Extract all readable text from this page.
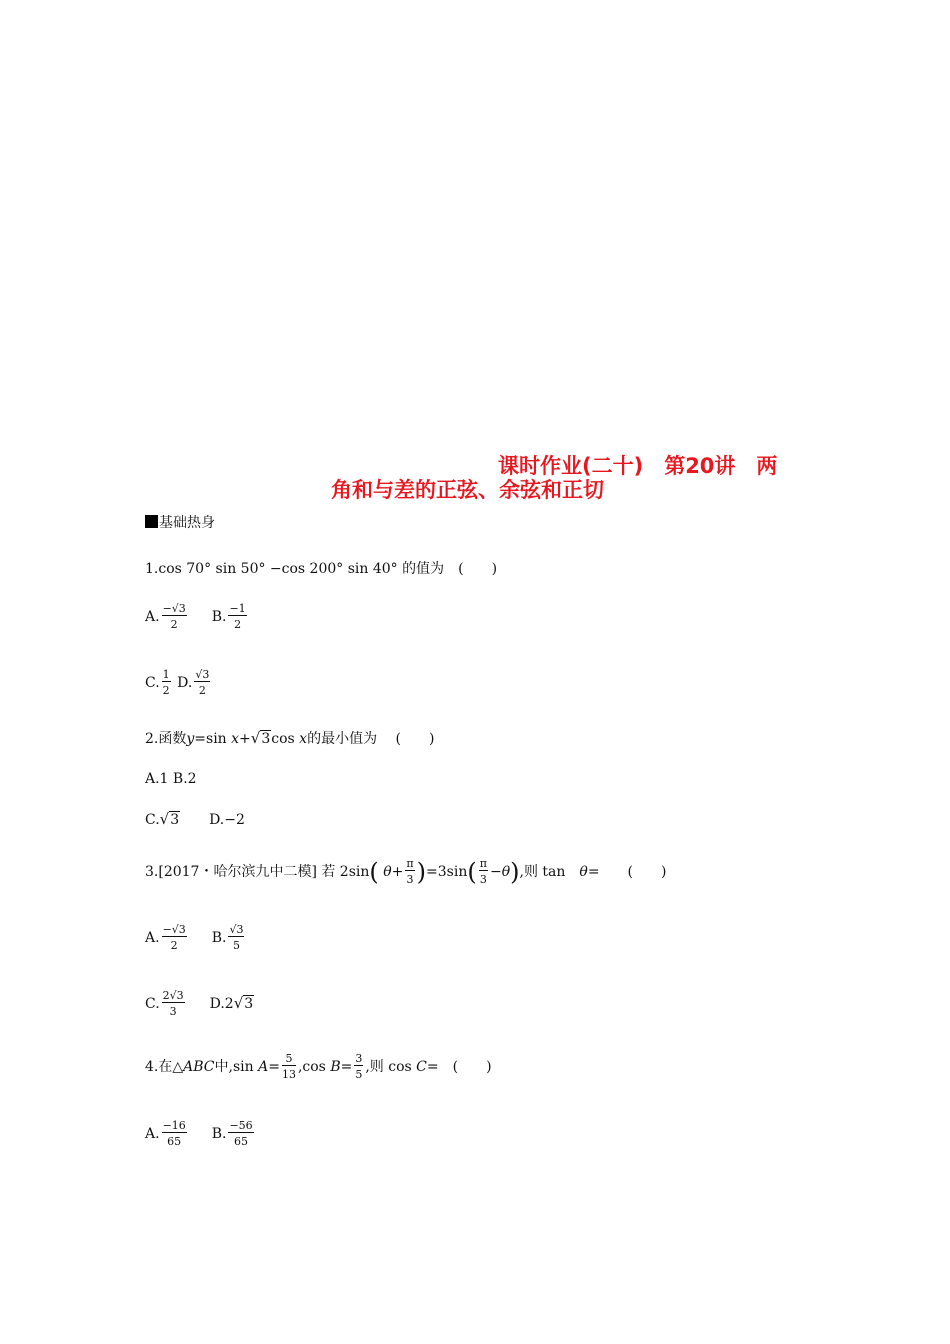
课时作业(二十)　第20讲　两
角和与差的正弦、余弦和正切
基础热身
1.cos 70° sin 50° −cos 200° sin 40° 的值为　(　　)
A. $\frac{-√3}{2} B$. $\frac{-1}{2}$
C. $\frac{1}{2} D$. $\frac{√3}{2}$
2.函数y=sin x+√3cos x的最小值为　 (　　)
A.1 B.2
C.√3 D.−2
3.[2017・哈尔滨九中二模] 若 2sin( $\theta+ \frac{\pi}{3} )=3\sin( \frac{\pi}{3} -\theta)$,则 tan　θ=　　(　　)
A. $\frac{-√3}{2} B$. $\frac{√3}{5}$
C. $\frac{2√3}{3} D.2√3$
4.在△ABC中,sin $A= \frac{5}{13} ,\cos$ $B= \frac{3}{5}$ ,则 cos C=　(　　)
A. $\frac{-16}{65} B$. $\frac{-56}{65}$
